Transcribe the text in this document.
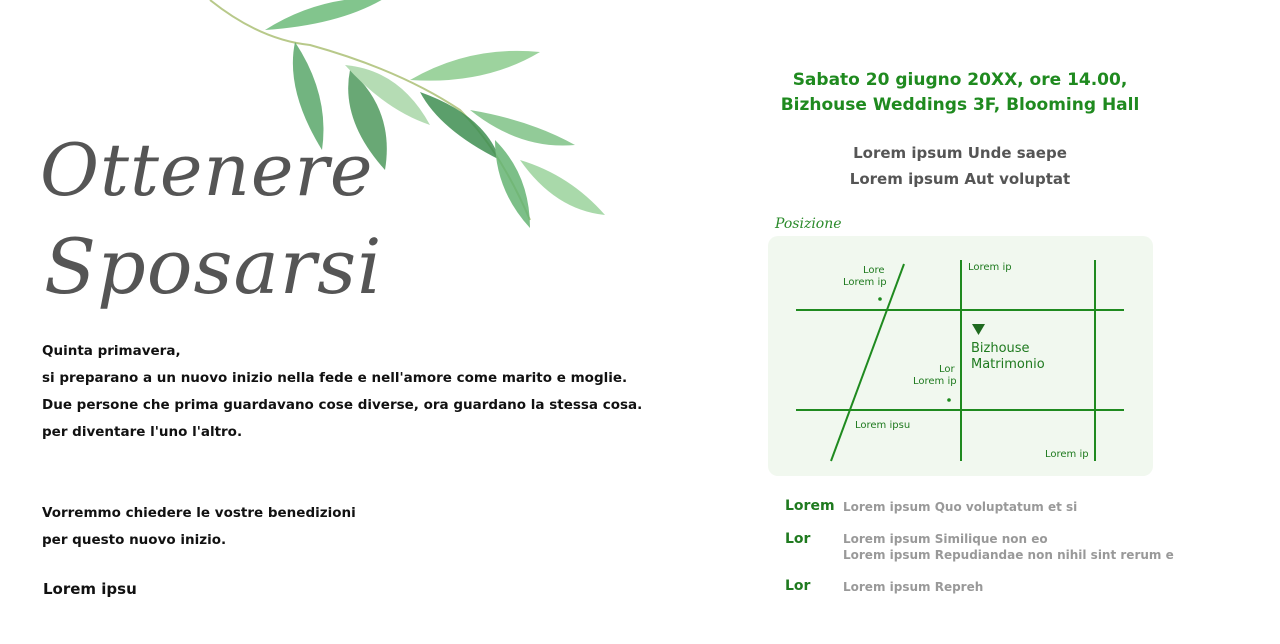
Ottenere
Sposarsi
Quinta primavera,
si preparano a un nuovo inizio nella fede e nell'amore come marito e moglie.
Due persone che prima guardavano cose diverse, ora guardano la stessa cosa.
per diventare l'uno l'altro.
Vorremmo chiedere le vostre benedizioni
per questo nuovo inizio.
Lorem ipsu
Sabato 20 giugno 20XX, ore 14.00,
Bizhouse Weddings 3F, Blooming Hall
Lorem ipsum Unde saepe
Lorem ipsum Aut voluptat
Posizione
Lore
Lorem ip
Lorem ip
Bizhouse
Matrimonio
Lor
Lorem ip
Lorem ipsu
Lorem ip
Lorem Lorem ipsum Quo voluptatum et si
Lor	Lorem ipsum Similique non eo
Lorem ipsum Repudiandae non nihil sint rerum e
Lor	Lorem ipsum Repreh
